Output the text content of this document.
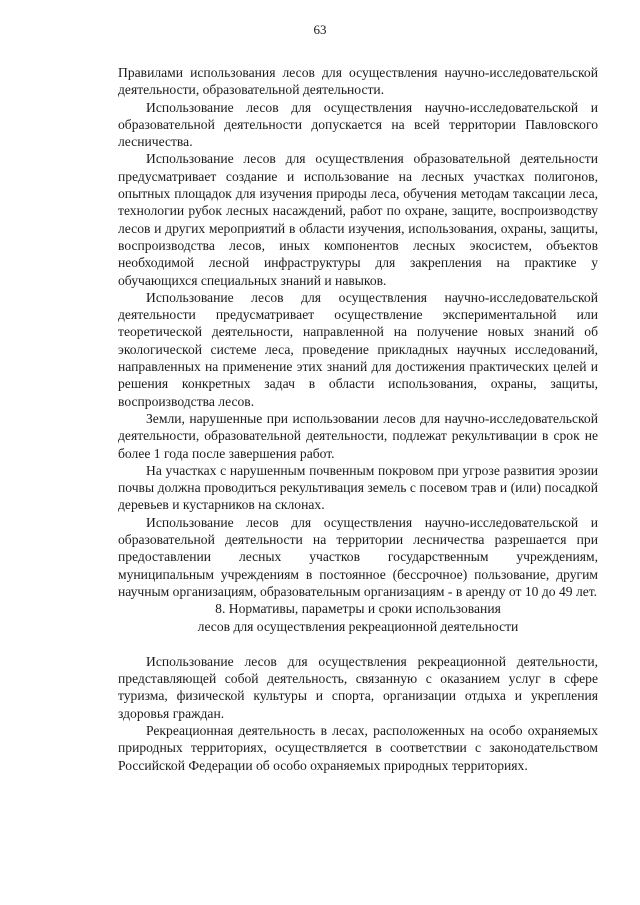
63

Правилами использования лесов для осуществления научно-исследовательской деятельности, образовательной деятельности.

Использование лесов для осуществления научно-исследовательской и образовательной деятельности допускается на всей территории Павловского лесничества.

Использование лесов для осуществления образовательной деятельности предусматривает создание и использование на лесных участках полигонов, опытных площадок для изучения природы леса, обучения методам таксации леса, технологии рубок лесных насаждений, работ по охране, защите, воспроизводству лесов и других мероприятий в области изучения, использования, охраны, защиты, воспроизводства лесов, иных компонентов лесных экосистем, объектов необходимой лесной инфраструктуры для закрепления на практике у обучающихся специальных знаний и навыков.

Использование лесов для осуществления научно-исследовательской деятельности предусматривает осуществление экспериментальной или теоретической деятельности, направленной на получение новых знаний об экологической системе леса, проведение прикладных научных исследований, направленных на применение этих знаний для достижения практических целей и решения конкретных задач в области использования, охраны, защиты, воспроизводства лесов.

Земли, нарушенные при использовании лесов для научно-исследовательской деятельности, образовательной деятельности, подлежат рекультивации в срок не более 1 года после завершения работ.

На участках с нарушенным почвенным покровом при угрозе развития эрозии почвы должна проводиться рекультивация земель с посевом трав и (или) посадкой деревьев и кустарников на склонах.

Использование лесов для осуществления научно-исследовательской и образовательной деятельности на территории лесничества разрешается при предоставлении лесных участков государственным учреждениям, муниципальным учреждениям в постоянное (бессрочное) пользование, другим научным организациям, образовательным организациям - в аренду от 10 до 49 лет.

8. Нормативы, параметры и сроки использования

лесов для осуществления рекреационной деятельности

Использование лесов для осуществления рекреационной деятельности, представляющей собой деятельность, связанную с оказанием услуг в сфере туризма, физической культуры и спорта, организации отдыха и укрепления здоровья граждан.

Рекреационная деятельность в лесах, расположенных на особо охраняемых природных территориях, осуществляется в соответствии с законодательством Российской Федерации об особо охраняемых природных территориях.
